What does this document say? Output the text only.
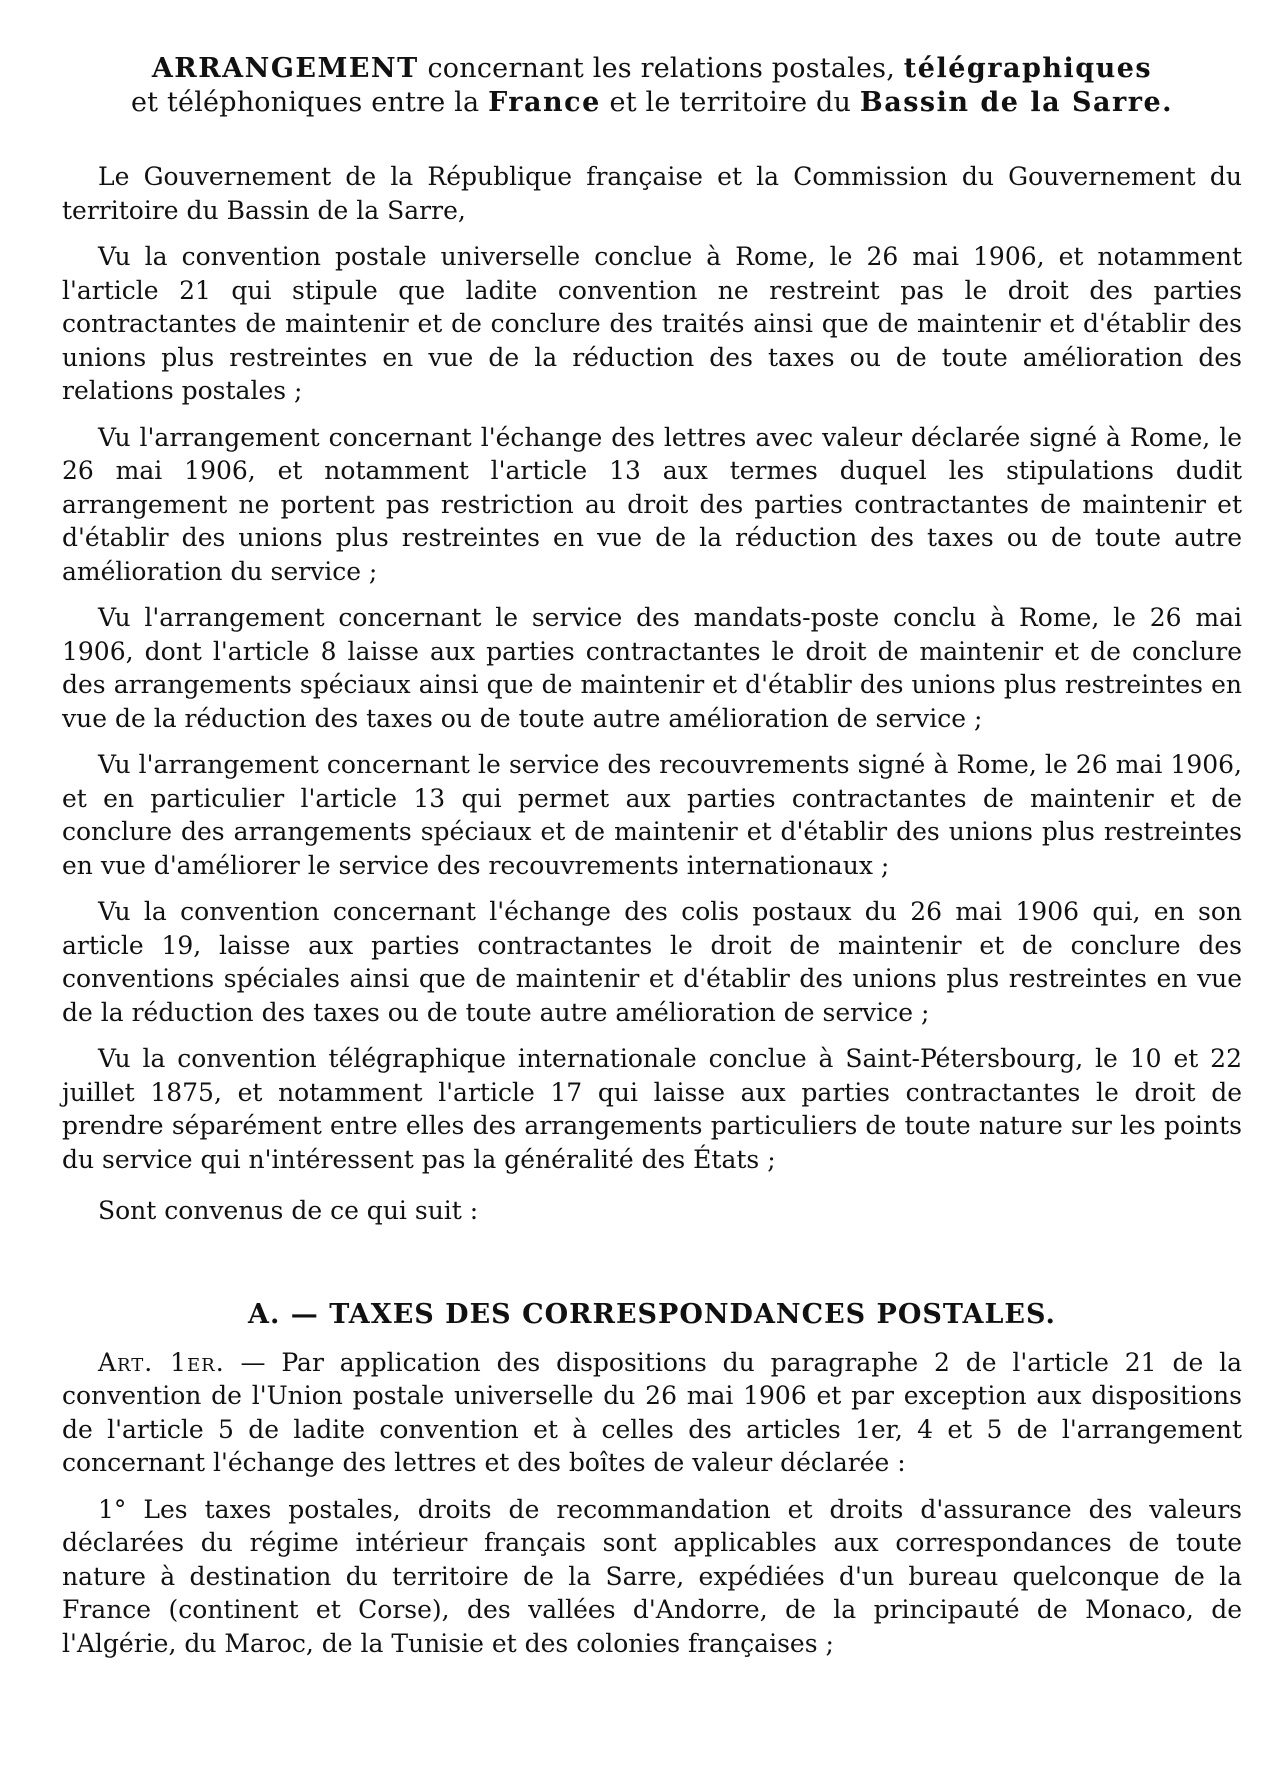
ARRANGEMENT concernant les relations postales, télégraphiques
et téléphoniques entre la France et le territoire du Bassin de la Sarre.

Le Gouvernement de la République française et la Commission du Gouvernement du territoire du Bassin de la Sarre,

Vu la convention postale universelle conclue à Rome, le 26 mai 1906, et notamment l'article 21 qui stipule que ladite convention ne restreint pas le droit des parties contractantes de maintenir et de conclure des traités ainsi que de maintenir et d'établir des unions plus restreintes en vue de la réduction des taxes ou de toute amélioration des relations postales ;

Vu l'arrangement concernant l'échange des lettres avec valeur déclarée signé à Rome, le 26 mai 1906, et notamment l'article 13 aux termes duquel les stipulations dudit arrangement ne portent pas restriction au droit des parties contractantes de maintenir et d'établir des unions plus restreintes en vue de la réduction des taxes ou de toute autre amélioration du service ;

Vu l'arrangement concernant le service des mandats-poste conclu à Rome, le 26 mai 1906, dont l'article 8 laisse aux parties contractantes le droit de maintenir et de conclure des arrangements spéciaux ainsi que de maintenir et d'établir des unions plus restreintes en vue de la réduction des taxes ou de toute autre amélioration de service ;

Vu l'arrangement concernant le service des recouvrements signé à Rome, le 26 mai 1906, et en particulier l'article 13 qui permet aux parties contractantes de maintenir et de conclure des arrangements spéciaux et de maintenir et d'établir des unions plus restreintes en vue d'améliorer le service des recouvrements internationaux ;

Vu la convention concernant l'échange des colis postaux du 26 mai 1906 qui, en son article 19, laisse aux parties contractantes le droit de maintenir et de conclure des conventions spéciales ainsi que de maintenir et d'établir des unions plus restreintes en vue de la réduction des taxes ou de toute autre amélioration de service ;

Vu la convention télégraphique internationale conclue à Saint-Pétersbourg, le 10 et 22 juillet 1875, et notamment l'article 17 qui laisse aux parties contractantes le droit de prendre séparément entre elles des arrangements particuliers de toute nature sur les points du service qui n'intéressent pas la généralité des États ;

Sont convenus de ce qui suit :

A. — TAXES DES CORRESPONDANCES POSTALES.

Art. 1er. — Par application des dispositions du paragraphe 2 de l'article 21 de la convention de l'Union postale universelle du 26 mai 1906 et par exception aux dispositions de l'article 5 de ladite convention et à celles des articles 1er, 4 et 5 de l'arrangement concernant l'échange des lettres et des boîtes de valeur déclarée :

1° Les taxes postales, droits de recommandation et droits d'assurance des valeurs déclarées du régime intérieur français sont applicables aux correspondances de toute nature à destination du territoire de la Sarre, expédiées d'un bureau quelconque de la France (continent et Corse), des vallées d'Andorre, de la principauté de Monaco, de l'Algérie, du Maroc, de la Tunisie et des colonies françaises ;
